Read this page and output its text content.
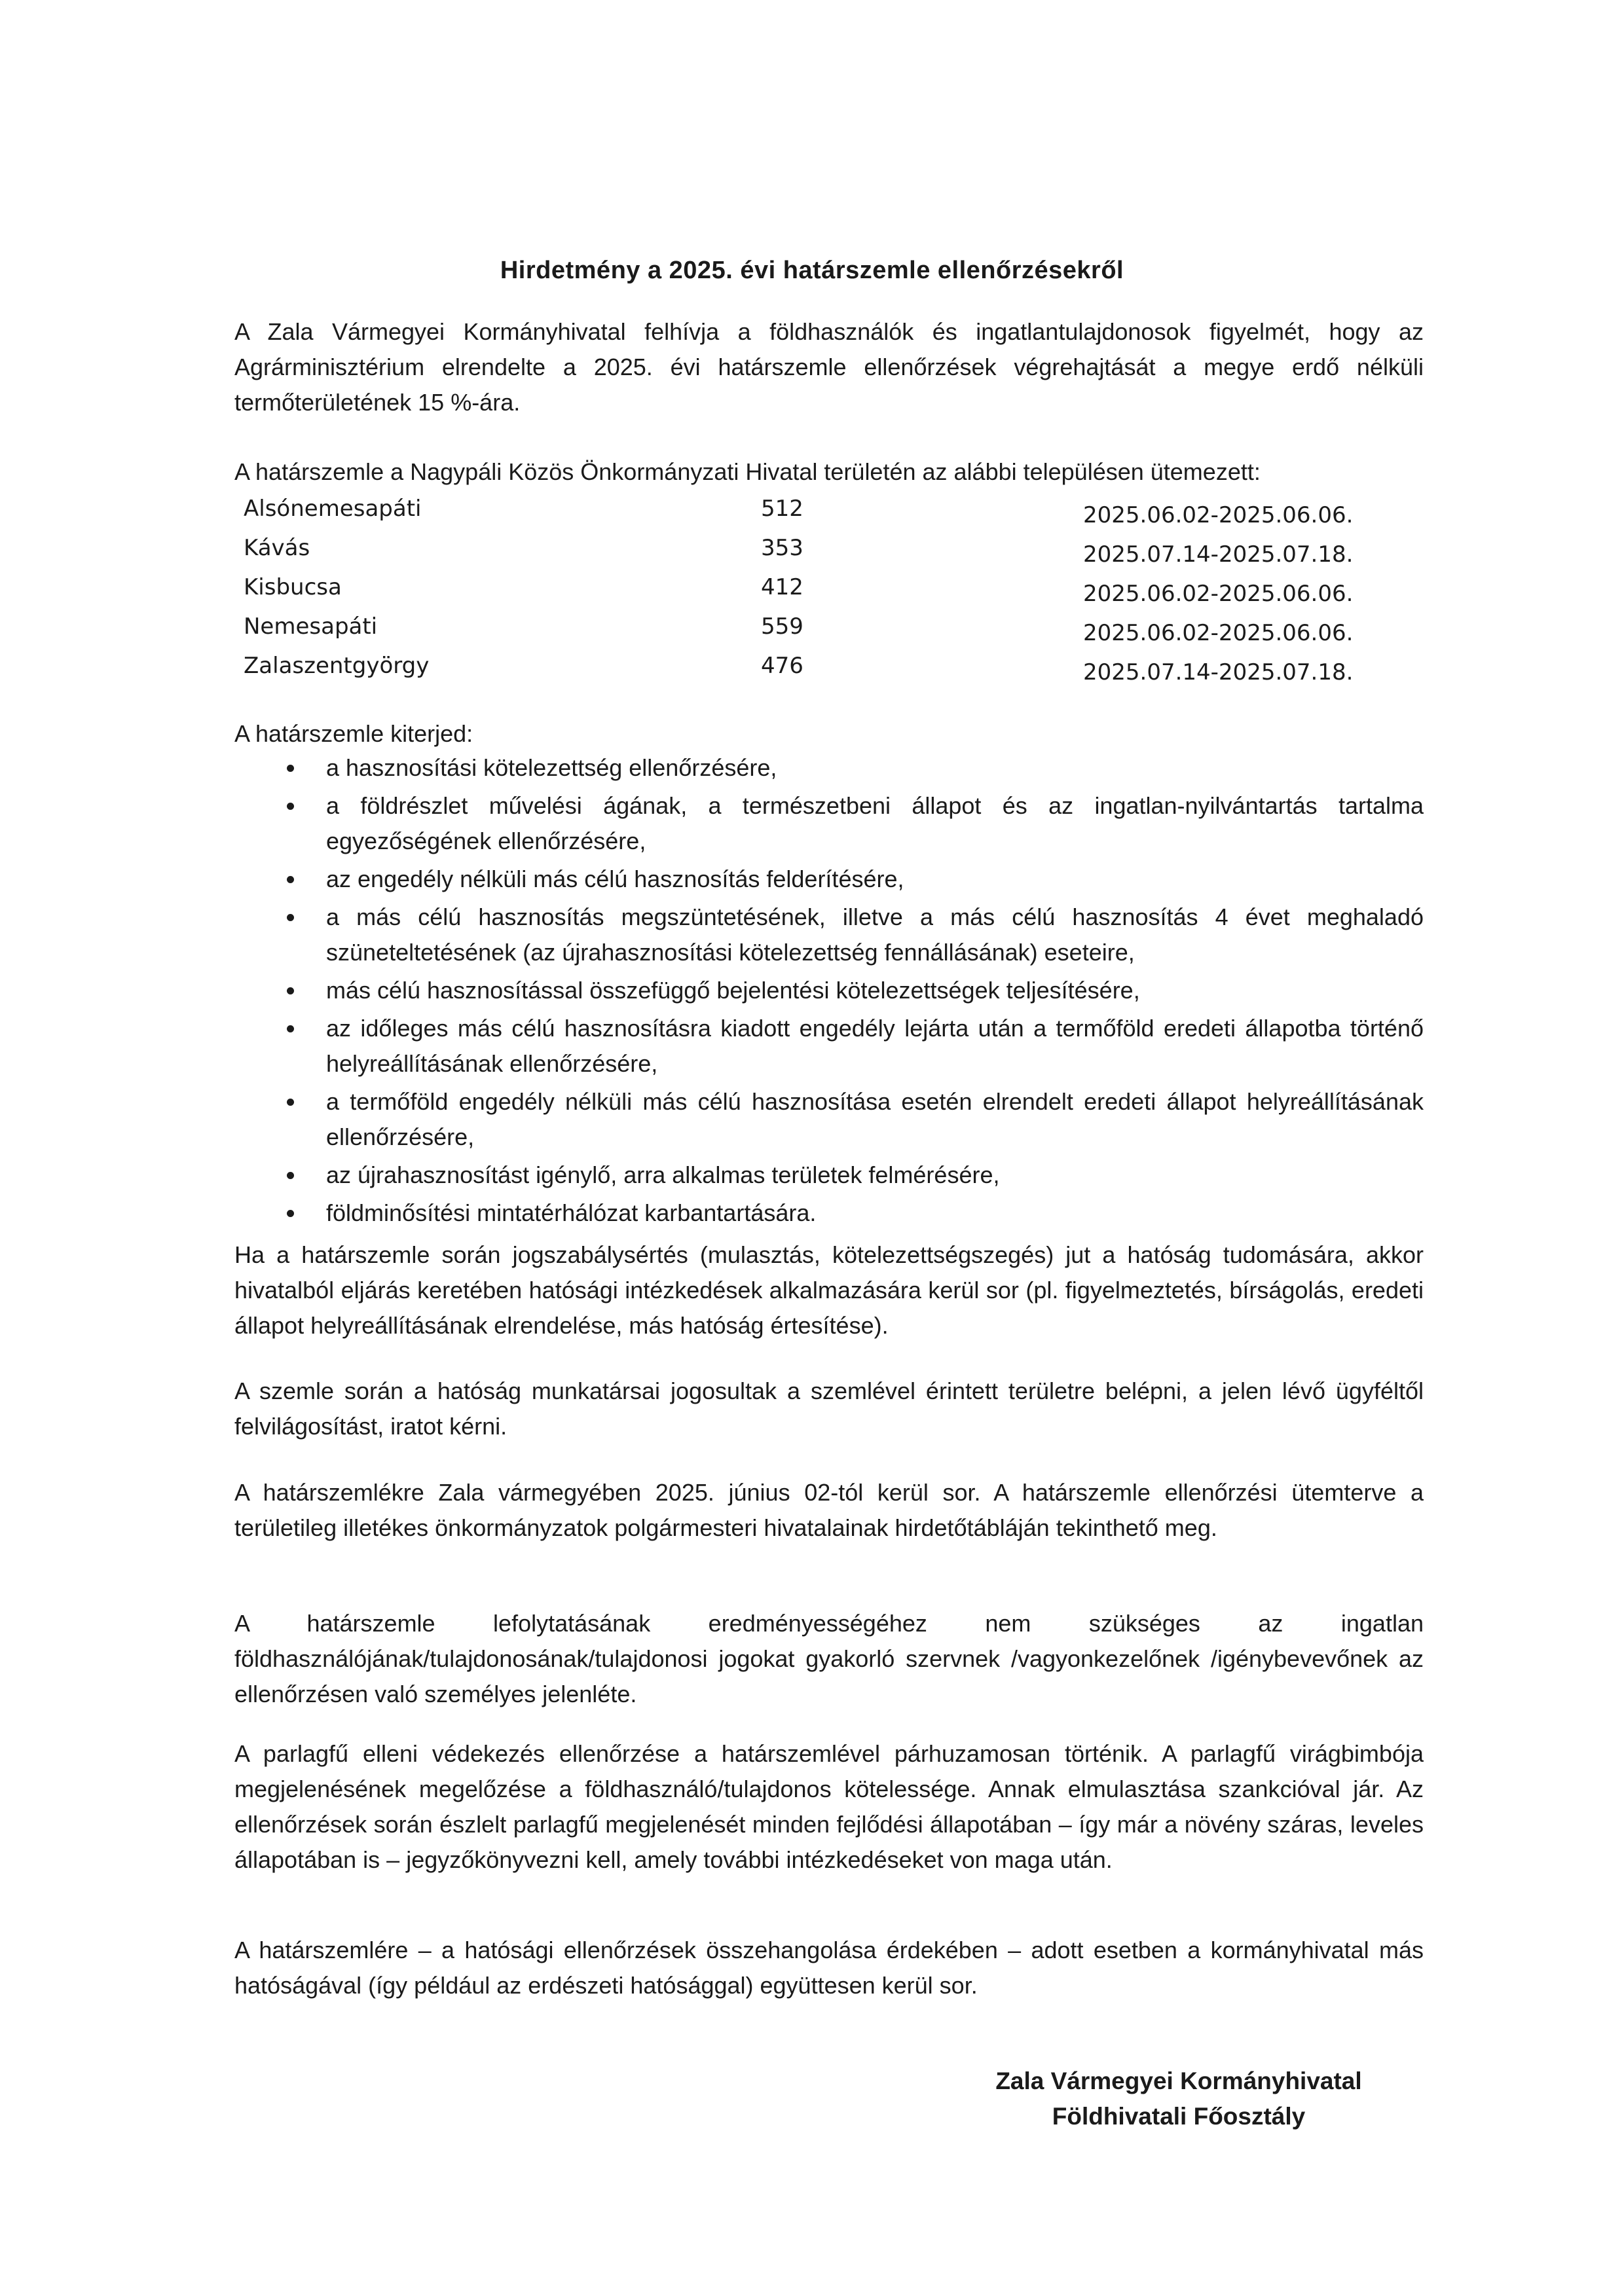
Hirdetmény a 2025. évi határszemle ellenőrzésekről

A Zala Vármegyei Kormányhivatal felhívja a földhasználók és ingatlantulajdonosok figyelmét, hogy az Agrárminisztérium elrendelte a 2025. évi határszemle ellenőrzések végrehajtását a megye erdő nélküli termőterületének 15 %-ára.

A határszemle a Nagypáli Közös Önkormányzati Hivatal területén az alábbi településen ütemezett:

Alsónemesapáti	512	2025.06.02-2025.06.06.
Kávás	353	2025.07.14-2025.07.18.
Kisbucsa	412	2025.06.02-2025.06.06.
Nemesapáti	559	2025.06.02-2025.06.06.
Zalaszentgyörgy	476	2025.07.14-2025.07.18.

A határszemle kiterjed:

a hasznosítási kötelezettség ellenőrzésére,
a földrészlet művelési ágának, a természetbeni állapot és az ingatlan-nyilvántartás tartalma egyezőségének ellenőrzésére,
az engedély nélküli más célú hasznosítás felderítésére,
a más célú hasznosítás megszüntetésének, illetve a más célú hasznosítás 4 évet meghaladó szüneteltetésének (az újrahasznosítási kötelezettség fennállásának) eseteire,
más célú hasznosítással összefüggő bejelentési kötelezettségek teljesítésére,
az időleges más célú hasznosításra kiadott engedély lejárta után a termőföld eredeti állapotba történő helyreállításának ellenőrzésére,
a termőföld engedély nélküli más célú hasznosítása esetén elrendelt eredeti állapot helyreállításának ellenőrzésére,
az újrahasznosítást igénylő, arra alkalmas területek felmérésére,
földminősítési mintatérhálózat karbantartására.

Ha a határszemle során jogszabálysértés (mulasztás, kötelezettségszegés) jut a hatóság tudomására, akkor hivatalból eljárás keretében hatósági intézkedések alkalmazására kerül sor (pl. figyelmeztetés, bírságolás, eredeti állapot helyreállításának elrendelése, más hatóság értesítése).

A szemle során a hatóság munkatársai jogosultak a szemlével érintett területre belépni, a jelen lévő ügyféltől felvilágosítást, iratot kérni.

A határszemlékre Zala vármegyében 2025. június 02-tól kerül sor. A határszemle ellenőrzési ütemterve a területileg illetékes önkormányzatok polgármesteri hivatalainak hirdetőtábláján tekinthető meg.

A határszemle lefolytatásának eredményességéhez nem szükséges az ingatlan földhasználójának/tulajdonosának/tulajdonosi jogokat gyakorló szervnek /vagyonkezelőnek /igénybevevőnek az ellenőrzésen való személyes jelenléte.

A parlagfű elleni védekezés ellenőrzése a határszemlével párhuzamosan történik. A parlagfű virágbimbója megjelenésének megelőzése a földhasználó/tulajdonos kötelessége. Annak elmulasztása szankcióval jár. Az ellenőrzések során észlelt parlagfű megjelenését minden fejlődési állapotában – így már a növény száras, leveles állapotában is – jegyzőkönyvezni kell, amely további intézkedéseket von maga után.

A határszemlére – a hatósági ellenőrzések összehangolása érdekében – adott esetben a kormányhivatal más hatóságával (így például az erdészeti hatósággal) együttesen kerül sor.

Zala Vármegyei Kormányhivatal
Földhivatali Főosztály
